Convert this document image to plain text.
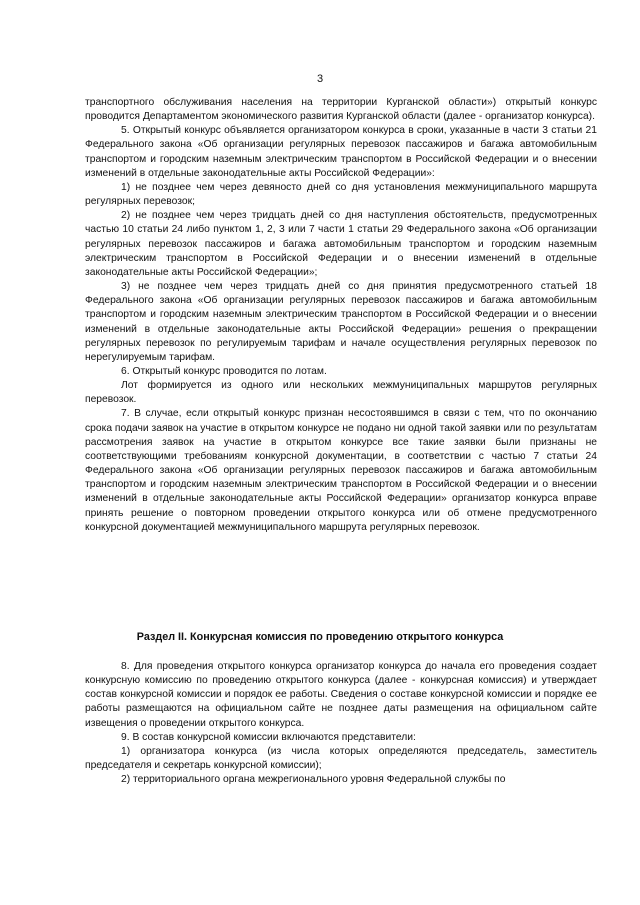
3

транспортного обслуживания населения на территории Курганской области») открытый конкурс проводится Департаментом экономического развития Курганской области (далее - организатор конкурса).

5. Открытый конкурс объявляется организатором конкурса в сроки, указанные в части 3 статьи 21 Федерального закона «Об организации регулярных перевозок пассажиров и багажа автомобильным транспортом и городским наземным электрическим транспортом в Российской Федерации и о внесении изменений в отдельные законодательные акты Российской Федерации»:

1) не позднее чем через девяносто дней со дня установления межмуниципального маршрута регулярных перевозок;

2) не позднее чем через тридцать дней со дня наступления обстоятельств, предусмотренных частью 10 статьи 24 либо пунктом 1, 2, 3 или 7 части 1 статьи 29 Федерального закона «Об организации регулярных перевозок пассажиров и багажа автомобильным транспортом и городским наземным электрическим транспортом в Российской Федерации и о внесении изменений в отдельные законодательные акты Российской Федерации»;

3) не позднее чем через тридцать дней со дня принятия предусмотренного статьей 18 Федерального закона «Об организации регулярных перевозок пассажиров и багажа автомобильным транспортом и городским наземным электрическим транспортом в Российской Федерации и о внесении изменений в отдельные законодательные акты Российской Федерации» решения о прекращении регулярных перевозок по регулируемым тарифам и начале осуществления регулярных перевозок по нерегулируемым тарифам.

6. Открытый конкурс проводится по лотам.

Лот формируется из одного или нескольких межмуниципальных маршрутов регулярных перевозок.

7. В случае, если открытый конкурс признан несостоявшимся в связи с тем, что по окончанию срока подачи заявок на участие в открытом конкурсе не подано ни одной такой заявки или по результатам рассмотрения заявок на участие в открытом конкурсе все такие заявки были признаны не соответствующими требованиям конкурсной документации, в соответствии с частью 7 статьи 24 Федерального закона «Об организации регулярных перевозок пассажиров и багажа автомобильным транспортом и городским наземным электрическим транспортом в Российской Федерации и о внесении изменений в отдельные законодательные акты Российской Федерации» организатор конкурса вправе принять решение о повторном проведении открытого конкурса или об отмене предусмотренного конкурсной документацией межмуниципального маршрута регулярных перевозок.

Раздел II. Конкурсная комиссия по проведению открытого конкурса

8. Для проведения открытого конкурса организатор конкурса до начала его проведения создает конкурсную комиссию по проведению открытого конкурса (далее - конкурсная комиссия) и утверждает состав конкурсной комиссии и порядок ее работы. Сведения о составе конкурсной комиссии и порядке ее работы размещаются на официальном сайте не позднее даты размещения на официальном сайте извещения о проведении открытого конкурса.

9. В состав конкурсной комиссии включаются представители:

1) организатора конкурса (из числа которых определяются председатель, заместитель председателя и секретарь конкурсной комиссии);

2) территориального органа межрегионального уровня Федеральной службы по
